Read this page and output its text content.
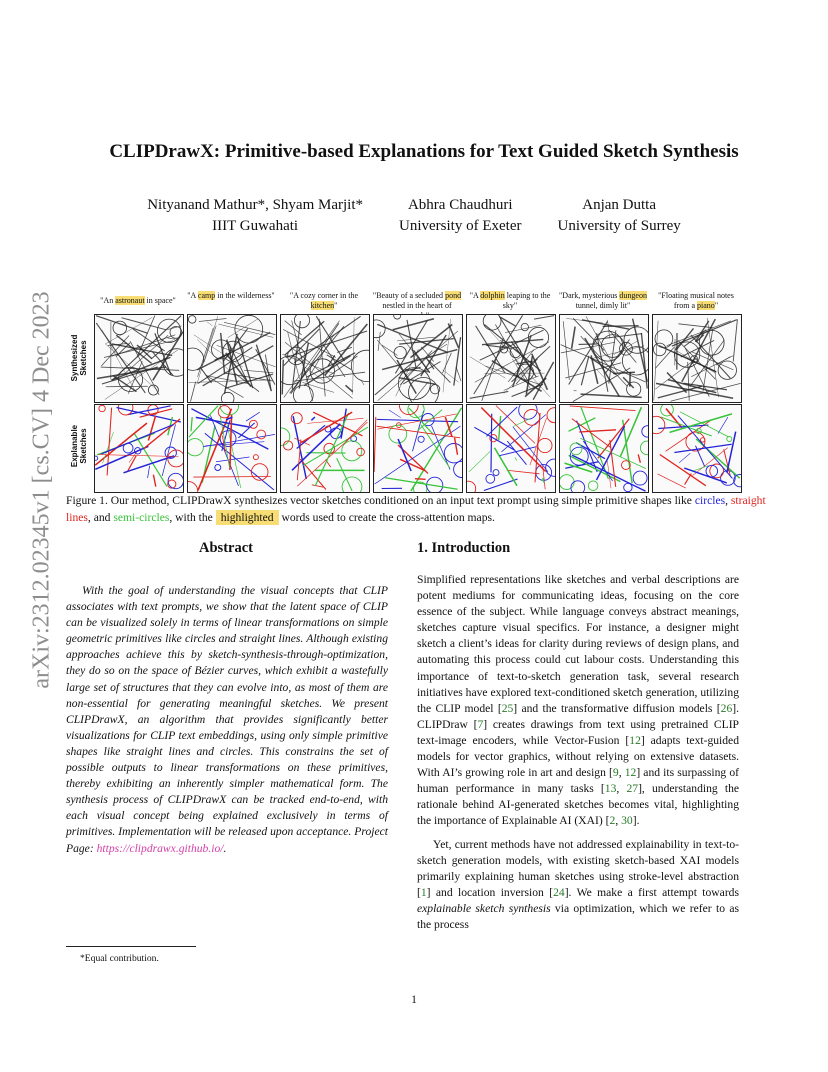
arXiv:2312.02345v1 [cs.CV] 4 Dec 2023
CLIPDrawX: Primitive-based Explanations for Text Guided Sketch Synthesis
Nityanand Mathur*, Shyam Marjit*
IIIT Guwahati
Abhra Chaudhuri
University of Exeter
Anjan Dutta
University of Surrey
Synthesized
Sketches
Explanable
Sketches
"An astronaut in space"
"A camp in the wilderness"	"A cozy corner in the kitchen"
"Beauty of a secluded pond nestled in the heart of
"A dolphin leaping to the sky"
"Dark, mysterious dungeon tunnel, dimly lit"
"Floating musical notes from a piano"
Figure 1. Our method, CLIPDrawX synthesizes vector sketches conditioned on an input text prompt using simple primitive shapes like circles, straight lines, and semi-circles, with the highlighted words used to create the cross-attention maps.
Abstract

With the goal of understanding the visual concepts that CLIP associates with text prompts, we show that the latent space of CLIP can be visualized solely in terms of linear transformations on simple geometric primitives like circles and straight lines. Although existing approaches achieve this by sketch-synthesis-through-optimization, they do so on the space of Bézier curves, which exhibit a wastefully large set of structures that they can evolve into, as most of them are non-essential for generating meaningful sketches. We present CLIPDrawX, an algorithm that provides significantly better visualizations for CLIP text embeddings, using only simple primitive shapes like straight lines and circles. This constrains the set of possible outputs to linear transformations on these primitives, thereby exhibiting an inherently simpler mathematical form. The synthesis process of CLIPDrawX can be tracked end-to-end, with each visual concept being explained exclusively in terms of primitives. Implementation will be released upon acceptance. Project Page: https://clipdrawx.github.io/.

1. Introduction

Simplified representations like sketches and verbal descriptions are potent mediums for communicating ideas, focusing on the core essence of the subject. While language conveys abstract meanings, sketches capture visual specifics. For instance, a designer might sketch a client’s ideas for clarity during reviews of design plans, and automating this process could cut labour costs. Understanding this importance of text-to-sketch generation task, several research initiatives have explored text-conditioned sketch generation, utilizing the CLIP model [25] and the transformative diffusion models [26]. CLIPDraw [7] creates drawings from text using pretrained CLIP text-image encoders, while Vector-Fusion [12] adapts text-guided models for vector graphics, without relying on extensive datasets. With AI’s growing role in art and design [9, 12] and its surpassing of human performance in many tasks [13, 27], understanding the rationale behind AI-generated sketches becomes vital, highlighting the importance of Explainable AI (XAI) [2, 30].

Yet, current methods have not addressed explainability in text-to-sketch generation models, with existing sketch-based XAI models primarily explaining human sketches using stroke-level abstraction [1] and location inversion [24]. We make a first attempt towards explainable sketch synthesis via optimization, which we refer to as the process

*Equal contribution.
1
